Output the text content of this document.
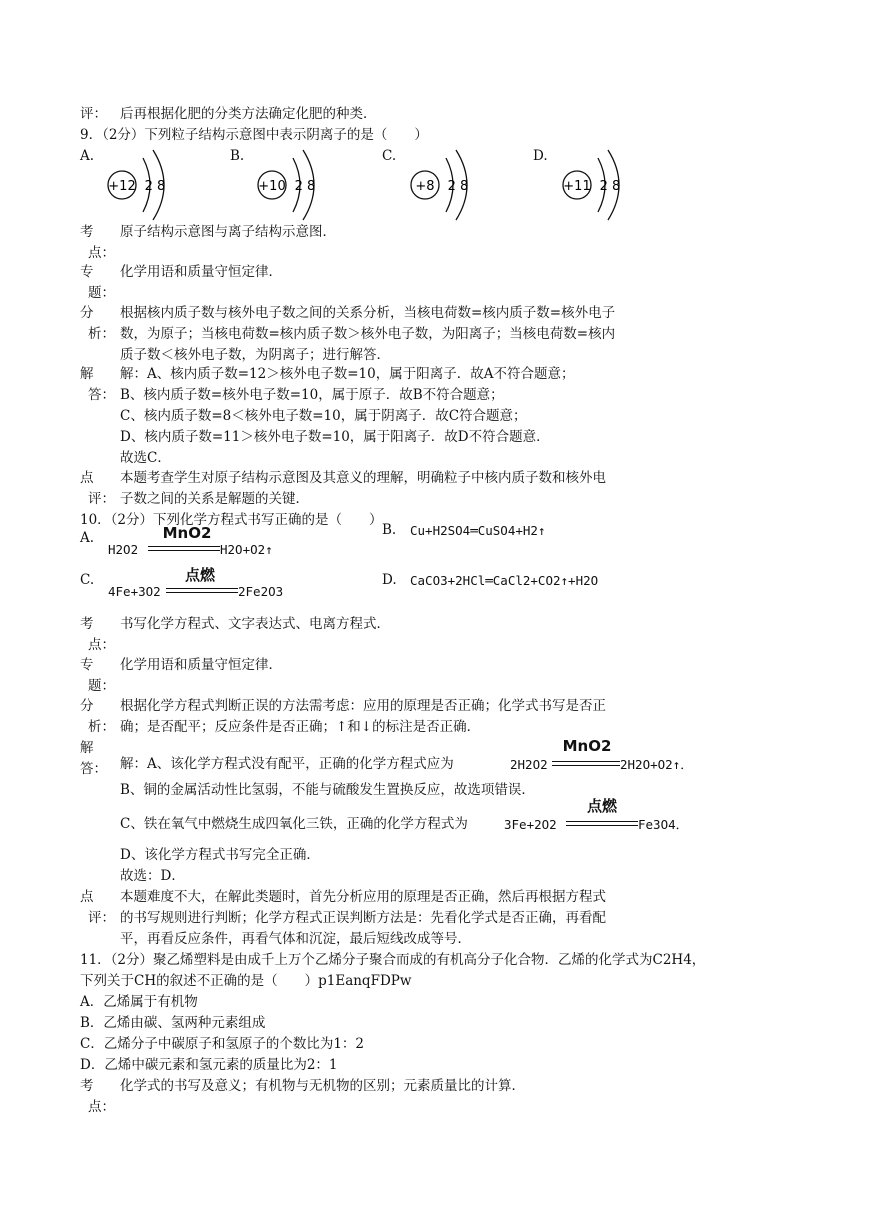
评： 后再根据化肥的分类方法确定化肥的种类．
9．（2分）下列粒子结构示意图中表示阴离子的是（　　）
A.	B.	C.	D.
+12 2 8	+10 2 8	+8 2 8	+11 2 8
考
点：
原子结构示意图与离子结构示意图．
专
题：
化学用语和质量守恒定律．
分
析：
根据核内质子数与核外电子数之间的关系分析，当核电荷数=核内质子数=核外电子
数，为原子；当核电荷数=核内质子数＞核外电子数，为阳离子；当核电荷数=核内
质子数＜核外电子数，为阴离子；进行解答．
解
答：
解：A、核内质子数=12＞核外电子数=10，属于阳离子．故A不符合题意；
B、核内质子数=核外电子数=10，属于原子．故B不符合题意；
C、核内质子数=8＜核外电子数=10，属于阴离子．故C符合题意；
D、核内质子数=11＞核外电子数=10，属于阳离子．故D不符合题意．
故选C．
点
评：
本题考查学生对原子结构示意图及其意义的理解，明确粒子中核内质子数和核外电
子数之间的关系是解题的关键．
10．（2分）下列化学方程式书写正确的是（　　）
A.
H2O2
MnO2
H2O+O2↑
B. Cu+H2SO4═CuSO4+H2↑
C.
4Fe+3O2
点燃
2Fe2O3
D. CaCO3+2HCl═CaCl2+CO2↑+H2O
考
点：
书写化学方程式、文字表达式、电离方程式．
专
题：
化学用语和质量守恒定律．
分
析：
根据化学方程式判断正误的方法需考虑：应用的原理是否正确；化学式书写是否正
确；是否配平；反应条件是否正确；↑和↓的标注是否正确．
解
答： 解：A、该化学方程式没有配平，正确的化学方程式应为	2H2O2
MnO2
2H2O+O2↑．
B、铜的金属活动性比氢弱，不能与硫酸发生置换反应，故选项错误．
C、铁在氧气中燃烧生成四氧化三铁，正确的化学方程式为	3Fe+2O2
点燃
Fe3O4．
D、该化学方程式书写完全正确．
故选：D．
点
评：
本题难度不大，在解此类题时，首先分析应用的原理是否正确，然后再根据方程式
的书写规则进行判断；化学方程式正误判断方法是：先看化学式是否正确，再看配
平，再看反应条件，再看气体和沉淀，最后短线改成等号．
11．（2分）聚乙烯塑料是由成千上万个乙烯分子聚合而成的有机高分子化合物．乙烯的化学式为C2H4，
下列关于CH的叙述不正确的是（　　）p1EanqFDPw
A．乙烯属于有机物
B．乙烯由碳、氢两种元素组成
C．乙烯分子中碳原子和氢原子的个数比为1：2
D．乙烯中碳元素和氢元素的质量比为2：1
考
点：
化学式的书写及意义；有机物与无机物的区别；元素质量比的计算．
